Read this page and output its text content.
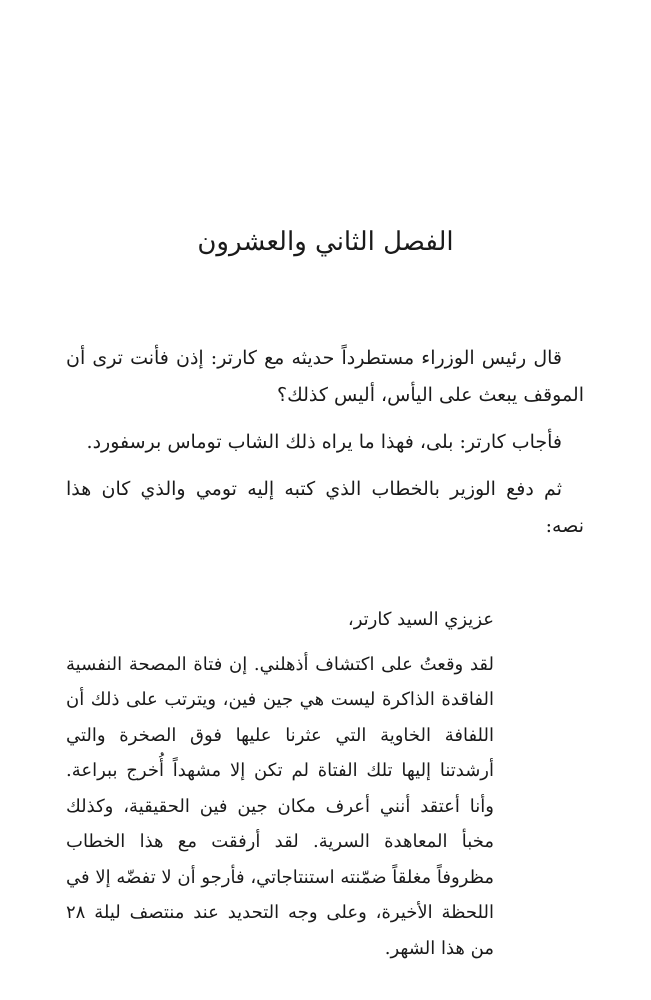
الفصل الثاني والعشرون

قال رئيس الوزراء مستطرداً حديثه مع كارتر: إذن فأنت ترى أن الموقف يبعث على اليأس، أليس كذلك؟

فأجاب كارتر: بلى، فهذا ما يراه ذلك الشاب توماس برسفورد.

ثم دفع الوزير بالخطاب الذي كتبه إليه تومي والذي كان هذا نصه:

عزيزي السيد كارتر،

لقد وقعتُ على اكتشاف أذهلني. إن فتاة المصحة النفسية الفاقدة الذاكرة ليست هي جين فين، ويترتب على ذلك أن اللفافة الخاوية التي عثرنا عليها فوق الصخرة والتي أرشدتنا إليها تلك الفتاة لم تكن إلا مشهداً أُخرج ببراعة. وأنا أعتقد أنني أعرف مكان جين فين الحقيقية، وكذلك مخبأ المعاهدة السرية. لقد أرفقت مع هذا الخطاب مظروفاً مغلقاً ضمّنته استنتاجاتي، فأرجو أن لا تفضّه إلا في اللحظة الأخيرة، وعلى وجه التحديد عند منتصف ليلة ٢٨ من هذا الشهر.
